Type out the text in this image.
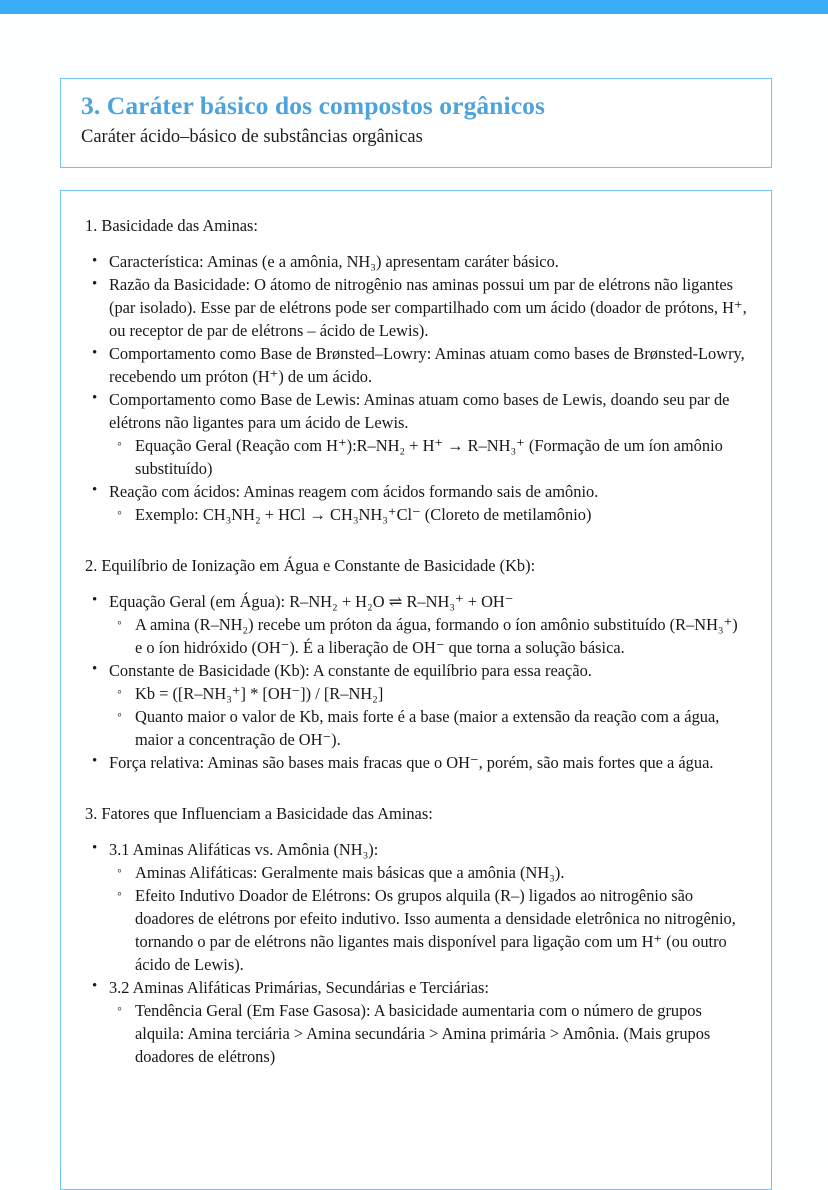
3. Caráter básico dos compostos orgânicos
Caráter ácido–básico de substâncias orgânicas
1. Basicidade das Aminas:
• Característica: Aminas (e a amônia, NH₃) apresentam caráter básico.
• Razão da Basicidade: O átomo de nitrogênio nas aminas possui um par de elétrons não ligantes (par isolado). Esse par de elétrons pode ser compartilhado com um ácido (doador de prótons, H⁺, ou receptor de par de elétrons – ácido de Lewis).
• Comportamento como Base de Brønsted–Lowry: Aminas atuam como bases de Brønsted-Lowry, recebendo um próton (H⁺) de um ácido.
• Comportamento como Base de Lewis: Aminas atuam como bases de Lewis, doando seu par de elétrons não ligantes para um ácido de Lewis.
◦ Equação Geral (Reação com H⁺):R–NH₂ + H⁺ → R–NH₃⁺ (Formação de um íon amônio substituído)
• Reação com ácidos: Aminas reagem com ácidos formando sais de amônio.
◦ Exemplo: CH₃NH₂ + HCl → CH₃NH₃⁺Cl⁻ (Cloreto de metilamônio)
2. Equilíbrio de Ionização em Água e Constante de Basicidade (Kb):
• Equação Geral (em Água): R–NH₂ + H₂O ⇌ R–NH₃⁺ + OH⁻
◦ A amina (R–NH₂) recebe um próton da água, formando o íon amônio substituído (R–NH₃⁺) e o íon hidróxido (OH⁻). É a liberação de OH⁻ que torna a solução básica.
• Constante de Basicidade (Kb): A constante de equilíbrio para essa reação.
◦ Kb = ([R–NH₃⁺] * [OH⁻]) / [R–NH₂]
◦ Quanto maior o valor de Kb, mais forte é a base (maior a extensão da reação com a água, maior a concentração de OH⁻).
• Força relativa: Aminas são bases mais fracas que o OH⁻, porém, são mais fortes que a água.
3. Fatores que Influenciam a Basicidade das Aminas:
• 3.1 Aminas Alifáticas vs. Amônia (NH₃):
◦ Aminas Alifáticas: Geralmente mais básicas que a amônia (NH₃).
◦ Efeito Indutivo Doador de Elétrons: Os grupos alquila (R–) ligados ao nitrogênio são doadores de elétrons por efeito indutivo. Isso aumenta a densidade eletrônica no nitrogênio, tornando o par de elétrons não ligantes mais disponível para ligação com um H⁺ (ou outro ácido de Lewis).
• 3.2 Aminas Alifáticas Primárias, Secundárias e Terciárias:
◦ Tendência Geral (Em Fase Gasosa): A basicidade aumentaria com o número de grupos alquila: Amina terciária > Amina secundária > Amina primária > Amônia. (Mais grupos doadores de elétrons)
